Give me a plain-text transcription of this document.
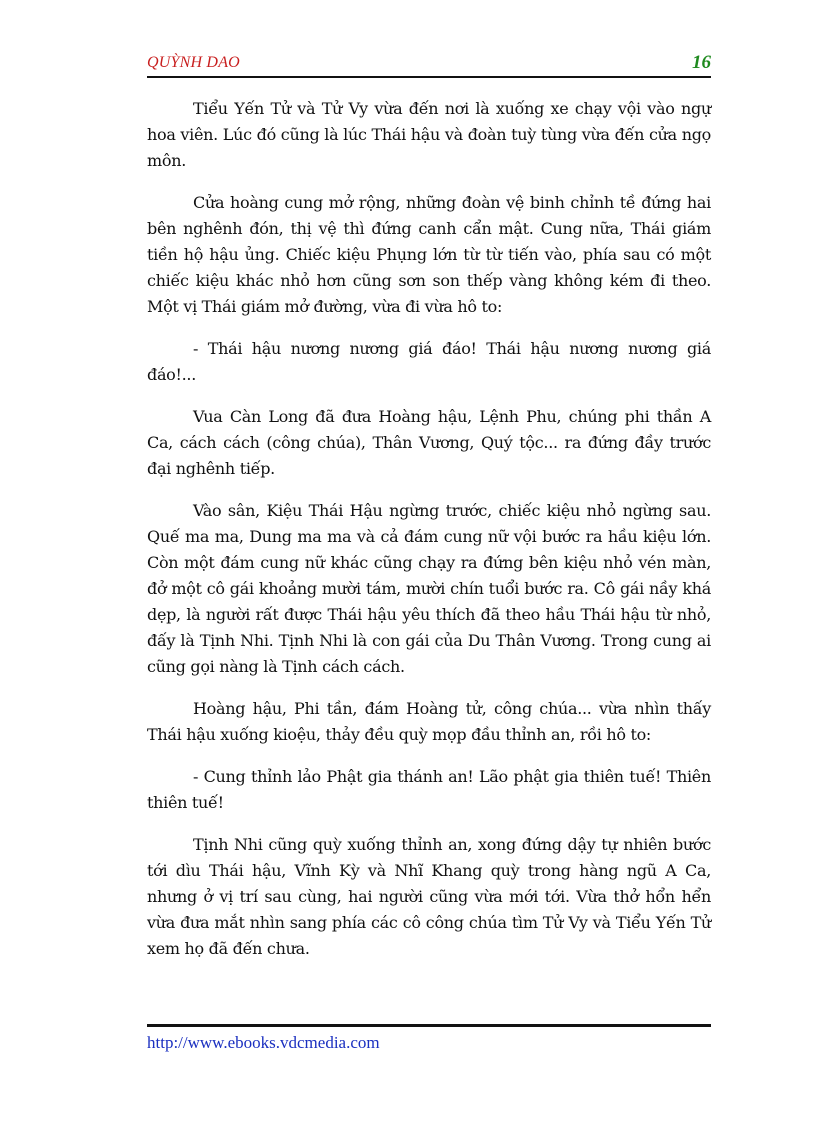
QUỲNH DAO	16

Tiểu Yến Tử và Tử Vy vừa đến nơi là xuống xe chạy vội vào ngự hoa viên. Lúc đó cũng là lúc Thái hậu và đoàn tuỳ tùng vừa đến cửa ngọ môn.

Cửa hoàng cung mở rộng, những đoàn vệ binh chỉnh tề đứng hai bên nghênh đón, thị vệ thì đứng canh cẩn mật. Cung nữa, Thái giám tiền hộ hậu ủng. Chiếc kiệu Phụng lớn từ từ tiến vào, phía sau có một chiếc kiệu khác nhỏ hơn cũng sơn son thếp vàng không kém đi theo. Một vị Thái giám mở đường, vừa đi vừa hô to:

- Thái hậu nương nương giá đáo! Thái hậu nương nương giá đáo!...

Vua Càn Long đã đưa Hoàng hậu, Lệnh Phu, chúng phi thần A Ca, cách cách (công chúa), Thân Vương, Quý tộc... ra đứng đầy trước đại nghênh tiếp.

Vào sân, Kiệu Thái Hậu ngừng trước, chiếc kiệu nhỏ ngừng sau. Quế ma ma, Dung ma ma và cả đám cung nữ vội bước ra hầu kiệu lớn. Còn một đám cung nữ khác cũng chạy ra đứng bên kiệu nhỏ vén màn, đở một cô gái khoảng mười tám, mười chín tuổi bước ra. Cô gái nầy khá dẹp, là người rất được Thái hậu yêu thích đã theo hầu Thái hậu từ nhỏ, đấy là Tịnh Nhi. Tịnh Nhi là con gái của Du Thân Vương. Trong cung ai cũng gọi nàng là Tịnh cách cách.

Hoàng hậu, Phi tần, đám Hoàng tử, công chúa... vừa nhìn thấy Thái hậu xuống kioệu, thảy đều quỳ mọp đầu thỉnh an, rồi hô to:

- Cung thỉnh lảo Phật gia thánh an! Lão phật gia thiên tuế! Thiên thiên tuế!

Tịnh Nhi cũng quỳ xuống thỉnh an, xong đứng dậy tự nhiên bước tới dìu Thái hậu, Vĩnh Kỳ và Nhĩ Khang quỳ trong hàng ngũ A Ca, nhưng ở vị trí sau cùng, hai người cũng vừa mới tới. Vừa thở hổn hển vừa đưa mắt nhìn sang phía các cô công chúa tìm Tử Vy và Tiểu Yến Tử xem họ đã đến chưa.

http://www.ebooks.vdcmedia.com
